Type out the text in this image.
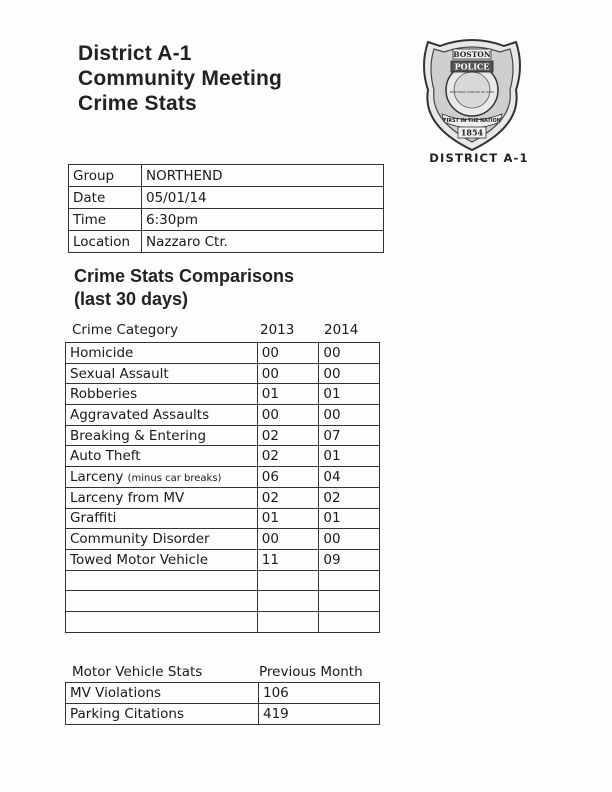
District A-1
Community Meeting
Crime Stats
BOSTON
POLICE
BOSTONIA CONDITA AD 1630
FIRST IN THE NATION
1854
DISTRICT A-1
Group	NORTHEND
Date	05/01/14
Time	6:30pm
Location	Nazzaro Ctr.
Crime Stats Comparisons
(last 30 days)
Crime Category	2013 2014
Homicide	00	00
Sexual Assault	00	00
Robberies	01	01
Aggravated Assaults	00	00
Breaking & Entering	02	07
Auto Theft	02	01
Larceny (minus car breaks)	06	04
Larceny from MV	02	02
Graffiti	01	01
Community Disorder	00	00
Towed Motor Vehicle	11	09

Motor Vehicle Stats	Previous Month
MV Violations	106
Parking Citations	419
